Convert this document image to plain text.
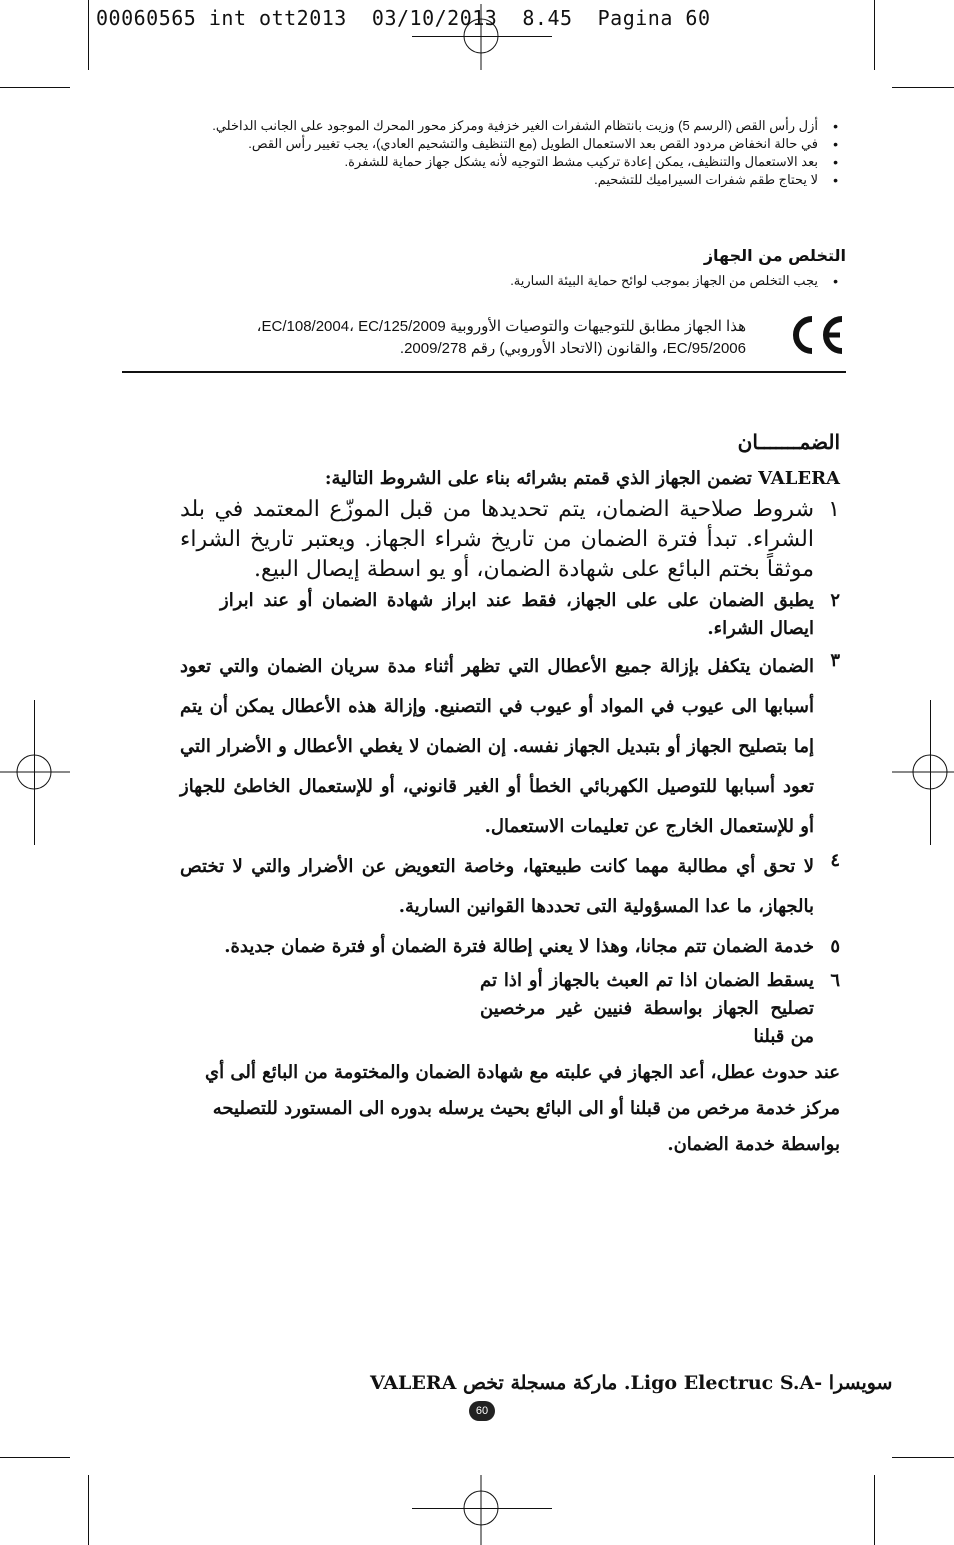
00060565 int ott2013  03/10/2013  8.45  Pagina 60
• أزل رأس القص (الرسم 5) وزيت بانتظام الشفرات الغير خزفية ومركز محور المحرك الموجود على الجانب الداخلي.
• في حالة انخفاض مردود القص بعد الاستعمال الطويل (مع التنظيف والتشحيم العادي)، يجب تغيير رأس القص.
• بعد الاستعمال والتنظيف، يمكن إعادة تركيب مشط التوجيه لأنه يشكل جهاز حماية للشفرة.
• لا يحتاج طقم شفرات السيراميك للتشحيم.
التخلص من الجهاز
• يجب التخلص من الجهاز بموجب لوائح حماية البيئة السارية.
هذا الجهاز مطابق للتوجيهات والتوصيات الأوروبية EC/108/2004، EC/125/2009،
EC/95/2006، والقانون (الاتحاد الأوروبي) رقم 2009/278.
الضمـــــــان
VALERA تضمن الجهاز الذي قمتم بشرائه بناء على الشروط التالية:
١
شروط صلاحية الضمان، يتم تحديدها من قبل الموزّع المعتمد في بلد الشراء. تبدأ فترة الضمان من تاريخ شراء الجهاز. ويعتبر تاريخ الشراء موثقاً بختم البائع على شهادة الضمان، أو يو اسطة إيصال البيع.
٢
يطبق الضمان على على الجهاز، فقط عند ابراز شهادة الضمان أو عند ابراز ايصال الشراء.
٣
الضمان يتكفل بإزالة جميع الأعطال التي تظهر أثناء مدة سريان الضمان والتي تعود أسبابها الى عيوب في المواد أو عيوب في التصنيع. وإزالة هذه الأعطال يمكن أن يتم إما بتصليح الجهاز أو بتبديل الجهاز نفسه. إن الضمان لا يغطي الأعطال و الأضرار التي تعود أسبابها للتوصيل الكهربائي الخطأ أو الغير قانوني، أو للإستعمال الخاطئ للجهاز أو للإستعمال الخارج عن تعليمات الاستعمال.
٤
لا تحق أي مطالبة مهما كانت طبيعتها، وخاصة التعويض عن الأضرار والتي لا تختص بالجهاز، ما عدا المسؤولية التى تحددها القوانين السارية.
٥
خدمة الضمان تتم مجانا، وهذا لا يعني إطالة فترة الضمان أو فترة ضمان جديدة.
٦
يسقط الضمان اذا تم العبث بالجهاز أو اذا تم تصليح الجهاز بواسطة فنيين غير مرخصين من قبلنا
عند حدوث عطل، أعد الجهاز في علبته مع شهادة الضمان والمختومة من البائع ألى أي مركز خدمة مرخص من قبلنا أو الى البائع بحيث يرسله بدوره الى المستورد للتصليحه بواسطة خدمة الضمان.
VALERA ماركة مسجلة تخص .Ligo Electruc S.A- سويسرا
60
